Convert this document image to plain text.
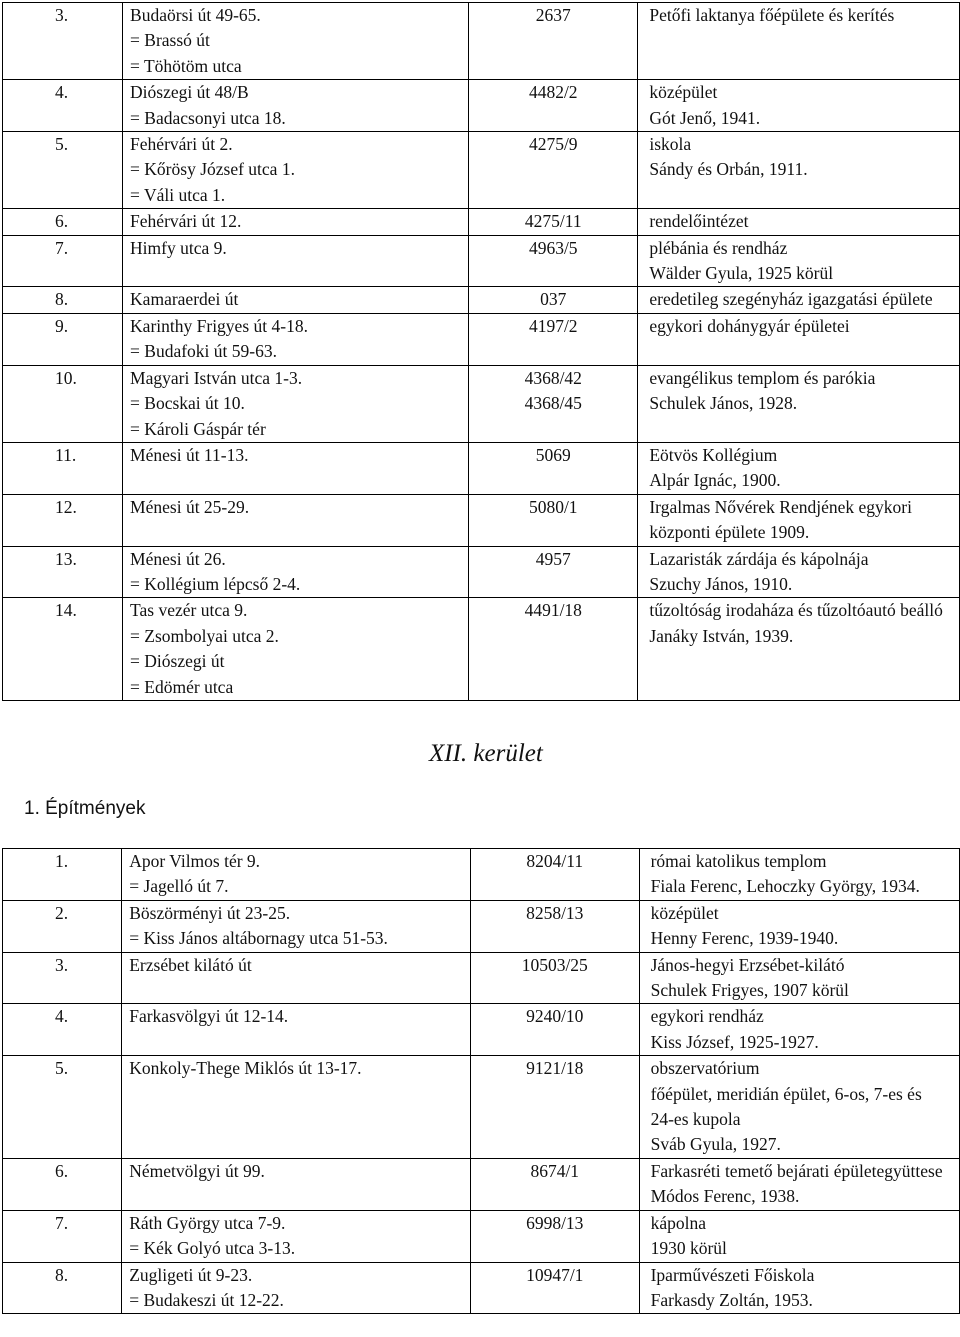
3.	Budaörsi út 49-65.
= Brassó út
= Töhötöm utca	2637	Petőfi laktanya főépülete és kerítés

4.	Diószegi út 48/B
= Badacsonyi utca 18.	4482/2	középület
Gót Jenő, 1941.

5.	Fehérvári út 2.
= Kőrösy József utca 1.
= Váli utca 1.	4275/9	iskola
Sándy és Orbán, 1911.

6.	Fehérvári út 12.	4275/11	rendelőintézet

7.	Himfy utca 9.	4963/5	plébánia és rendház
Wälder Gyula, 1925 körül

8.	Kamaraerdei út	037	eredetileg szegényház igazgatási épülete

9.	Karinthy Frigyes út 4-18.
= Budafoki út 59-63.	4197/2	egykori dohánygyár épületei

10.	Magyari István utca 1-3.
= Bocskai út 10.
= Károli Gáspár tér	4368/42
4368/45	evangélikus templom és parókia
Schulek János, 1928.

11.	Ménesi út 11-13.	5069	Eötvös Kollégium
Alpár Ignác, 1900.

12.	Ménesi út 25-29.	5080/1	Irgalmas Nővérek Rendjének egykori központi épülete 1909.

13.	Ménesi út 26.
= Kollégium lépcső 2-4.	4957	Lazaristák zárdája és kápolnája
Szuchy János, 1910.

14.	Tas vezér utca 9.
= Zsombolyai utca 2.
= Diószegi út
= Edömér utca	4491/18	tűzoltóság irodaháza és tűzoltóautó beálló
Janáky István, 1939.
XII. kerület
1. Építmények
1.	Apor Vilmos tér 9.
= Jagelló út 7.	8204/11	római katolikus templom
Fiala Ferenc, Lehoczky György, 1934.

2.	Böszörményi út 23-25.
= Kiss János altábornagy utca 51-53.	8258/13	középület
Henny Ferenc, 1939-1940.

3.	Erzsébet kilátó út	10503/25	János-hegyi Erzsébet-kilátó
Schulek Frigyes, 1907 körül

4.	Farkasvölgyi út 12-14.	9240/10	egykori rendház
Kiss József, 1925-1927.

5.	Konkoly-Thege Miklós út 13-17.	9121/18	obszervatórium
főépület, meridián épület, 6-os, 7-es és 24-es kupola
Sváb Gyula, 1927.

6.	Németvölgyi út 99.	8674/1	Farkasréti temető bejárati épületegyüttese
Módos Ferenc, 1938.

7.	Ráth György utca 7-9.
= Kék Golyó utca 3-13.	6998/13	kápolna
1930 körül

8.	Zugligeti út 9-23.
= Budakeszi út 12-22.	10947/1	Iparművészeti Főiskola
Farkasdy Zoltán, 1953.
